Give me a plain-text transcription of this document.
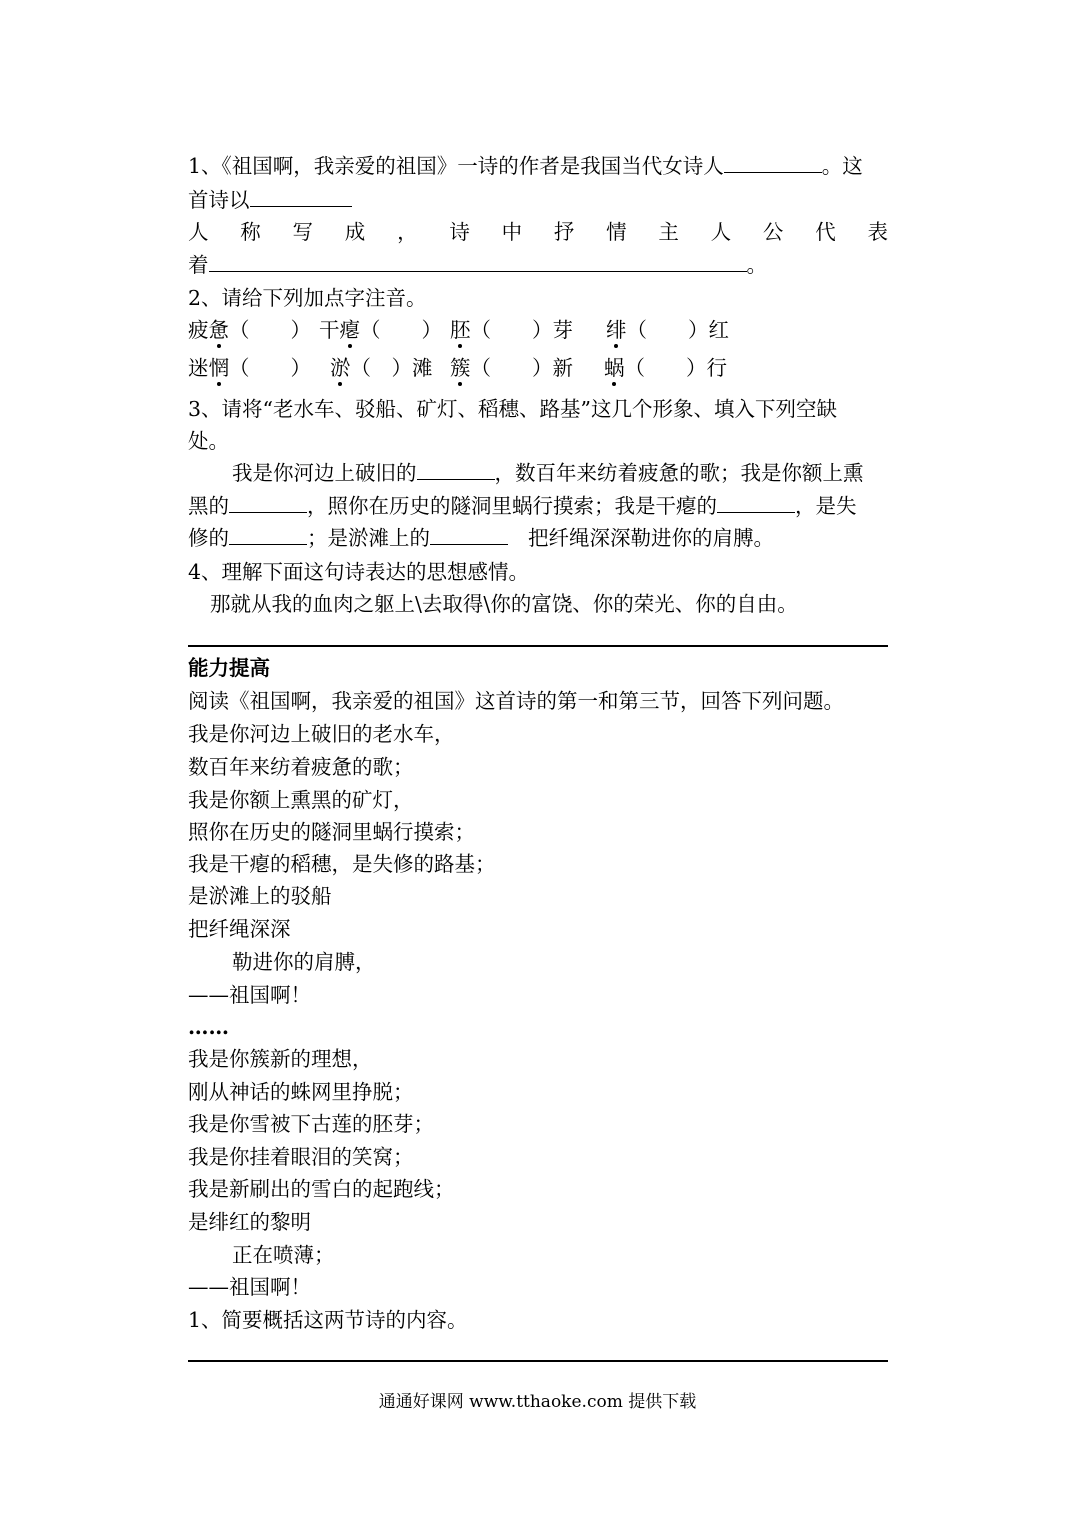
1、《祖国啊，我亲爱的祖国》一诗的作者是我国当代女诗人	。这
首诗以
人 称 写 成 ， 诗 中 抒 情 主 人 公 代 表
着	。
2、请给下列加点字注音。
疲惫（　　） 干瘪（　　） 胚（　　）芽 绯（　　）红
迷惘（　　） 淤（　）滩 簇（　　）新 蜗（　　）行
3、请将“老水车、驳船、矿灯、稻穗、路基”这几个形象、填入下列空缺
处。
我是你河边上破旧的	，数百年来纺着疲惫的歌；我是你额上熏
黑的	，照你在历史的隧洞里蜗行摸索；我是干瘪的	，是失
修的	；是淤滩上的	把纤绳深深勒进你的肩膊。
4、理解下面这句诗表达的思想感情。
那就从我的血肉之躯上\去取得\你的富饶、你的荣光、你的自由。
能力提高
阅读《祖国啊，我亲爱的祖国》这首诗的第一和第三节，回答下列问题。
我是你河边上破旧的老水车，
数百年来纺着疲惫的歌；
我是你额上熏黑的矿灯，
照你在历史的隧洞里蜗行摸索；
我是干瘪的稻穗，是失修的路基；
是淤滩上的驳船
把纤绳深深
勒进你的肩膊，
——祖国啊！
……
我是你簇新的理想，
刚从神话的蛛网里挣脱；
我是你雪被下古莲的胚芽；
我是你挂着眼泪的笑窝；
我是新刷出的雪白的起跑线；
是绯红的黎明
正在喷薄；
——祖国啊！
1、简要概括这两节诗的内容。
通通好课网 www.tthaoke.com 提供下载
